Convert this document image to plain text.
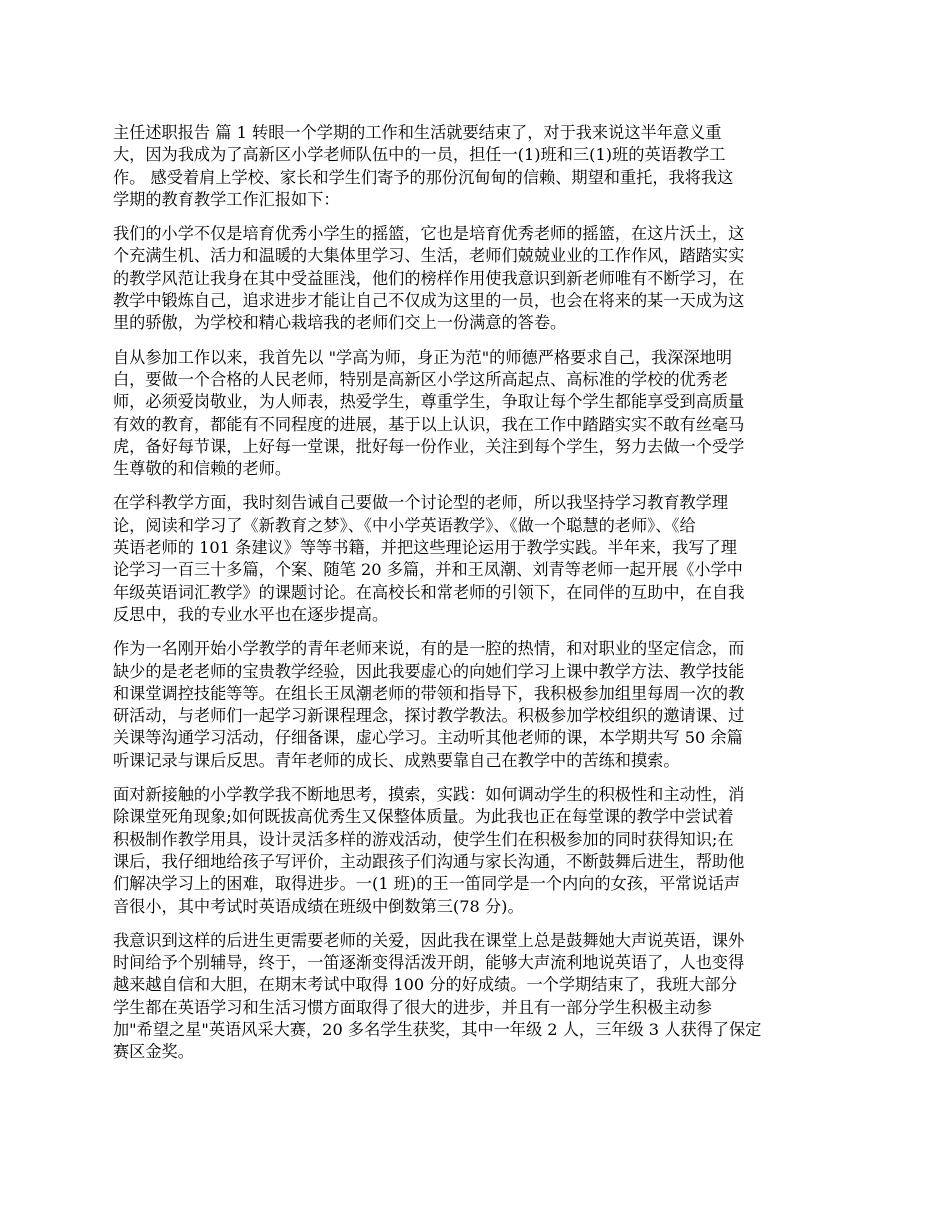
主任述职报告 篇 1 转眼一个学期的工作和生活就要结束了，对于我来说这半年意义重
大，因为我成为了高新区小学老师队伍中的一员，担任一(1)班和三(1)班的英语教学工
作。 感受着肩上学校、家长和学生们寄予的那份沉甸甸的信赖、期望和重托，我将我这
学期的教育教学工作汇报如下：

我们的小学不仅是培育优秀小学生的摇篮，它也是培育优秀老师的摇篮，在这片沃土，这
个充满生机、活力和温暖的大集体里学习、生活，老师们兢兢业业的工作作风，踏踏实实
的教学风范让我身在其中受益匪浅，他们的榜样作用使我意识到新老师唯有不断学习，在
教学中锻炼自己，追求进步才能让自己不仅成为这里的一员，也会在将来的某一天成为这
里的骄傲，为学校和精心栽培我的老师们交上一份满意的答卷。

自从参加工作以来，我首先以 "学高为师，身正为范"的师德严格要求自己，我深深地明
白，要做一个合格的人民老师，特别是高新区小学这所高起点、高标准的学校的优秀老
师，必须爱岗敬业，为人师表，热爱学生，尊重学生，争取让每个学生都能享受到高质量
有效的教育，都能有不同程度的进展，基于以上认识，我在工作中踏踏实实不敢有丝毫马
虎，备好每节课，上好每一堂课，批好每一份作业，关注到每个学生，努力去做一个受学
生尊敬的和信赖的老师。

在学科教学方面，我时刻告诫自己要做一个讨论型的老师，所以我坚持学习教育教学理
论，阅读和学习了《新教育之梦》、《中小学英语教学》、《做一个聪慧的老师》、《给
英语老师的 101 条建议》等等书籍，并把这些理论运用于教学实践。半年来，我写了理
论学习一百三十多篇，个案、随笔 20 多篇，并和王凤潮、刘青等老师一起开展《小学中
年级英语词汇教学》的课题讨论。在高校长和常老师的引领下，在同伴的互助中，在自我
反思中，我的专业水平也在逐步提高。

作为一名刚开始小学教学的青年老师来说，有的是一腔的热情，和对职业的坚定信念，而
缺少的是老老师的宝贵教学经验，因此我要虚心的向她们学习上课中教学方法、教学技能
和课堂调控技能等等。在组长王凤潮老师的带领和指导下，我积极参加组里每周一次的教
研活动，与老师们一起学习新课程理念，探讨教学教法。积极参加学校组织的邀请课、过
关课等沟通学习活动，仔细备课，虚心学习。主动听其他老师的课，本学期共写 50 余篇
听课记录与课后反思。青年老师的成长、成熟要靠自己在教学中的苦练和摸索。

面对新接触的小学教学我不断地思考，摸索，实践：如何调动学生的积极性和主动性，消
除课堂死角现象;如何既拔高优秀生又保整体质量。为此我也正在每堂课的教学中尝试着
积极制作教学用具，设计灵活多样的游戏活动，使学生们在积极参加的同时获得知识;在
课后，我仔细地给孩子写评价，主动跟孩子们沟通与家长沟通，不断鼓舞后进生，帮助他
们解决学习上的困难，取得进步。一(1 班)的王一笛同学是一个内向的女孩，平常说话声
音很小，其中考试时英语成绩在班级中倒数第三(78 分)。

我意识到这样的后进生更需要老师的关爱，因此我在课堂上总是鼓舞她大声说英语，课外
时间给予个别辅导，终于，一笛逐渐变得活泼开朗，能够大声流利地说英语了，人也变得
越来越自信和大胆，在期末考试中取得 100 分的好成绩。一个学期结束了，我班大部分
学生都在英语学习和生活习惯方面取得了很大的进步，并且有一部分学生积极主动参
加"希望之星"英语风采大赛，20 多名学生获奖，其中一年级 2 人，三年级 3 人获得了保定
赛区金奖。
